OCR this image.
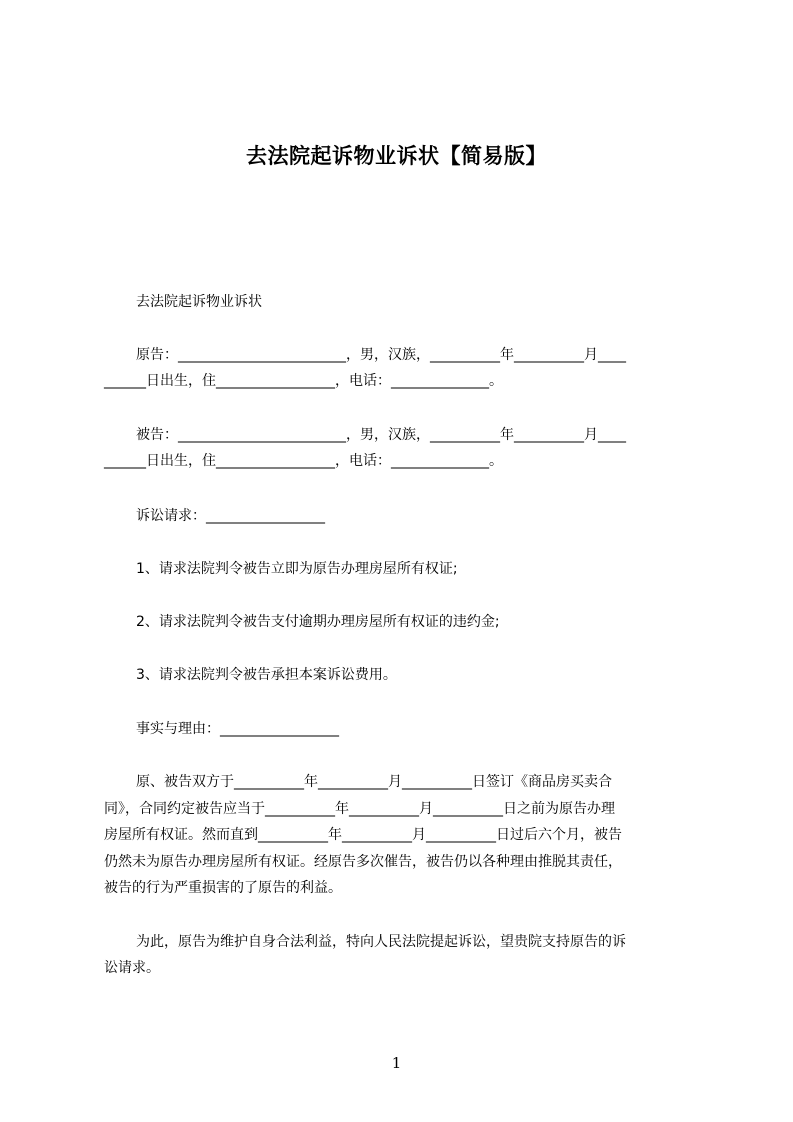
去法院起诉物业诉状【简易版】
去法院起诉物业诉状
原告：________________________，男，汉族，__________年__________月____
______日出生，住_________________，电话：______________。
被告：________________________，男，汉族，__________年__________月____
______日出生，住_________________，电话：______________。
诉讼请求：_________________
1、请求法院判令被告立即为原告办理房屋所有权证;
2、请求法院判令被告支付逾期办理房屋所有权证的违约金;
3、请求法院判令被告承担本案诉讼费用。
事实与理由：_________________
原、被告双方于__________年__________月__________日签订《商品房买卖合
同》，合同约定被告应当于__________年__________月__________日之前为原告办理
房屋所有权证。然而直到__________年__________月__________日过后六个月，被告
仍然未为原告办理房屋所有权证。经原告多次催告，被告仍以各种理由推脱其责任，
被告的行为严重损害的了原告的利益。
为此，原告为维护自身合法利益，特向人民法院提起诉讼，望贵院支持原告的诉
讼请求。
1
